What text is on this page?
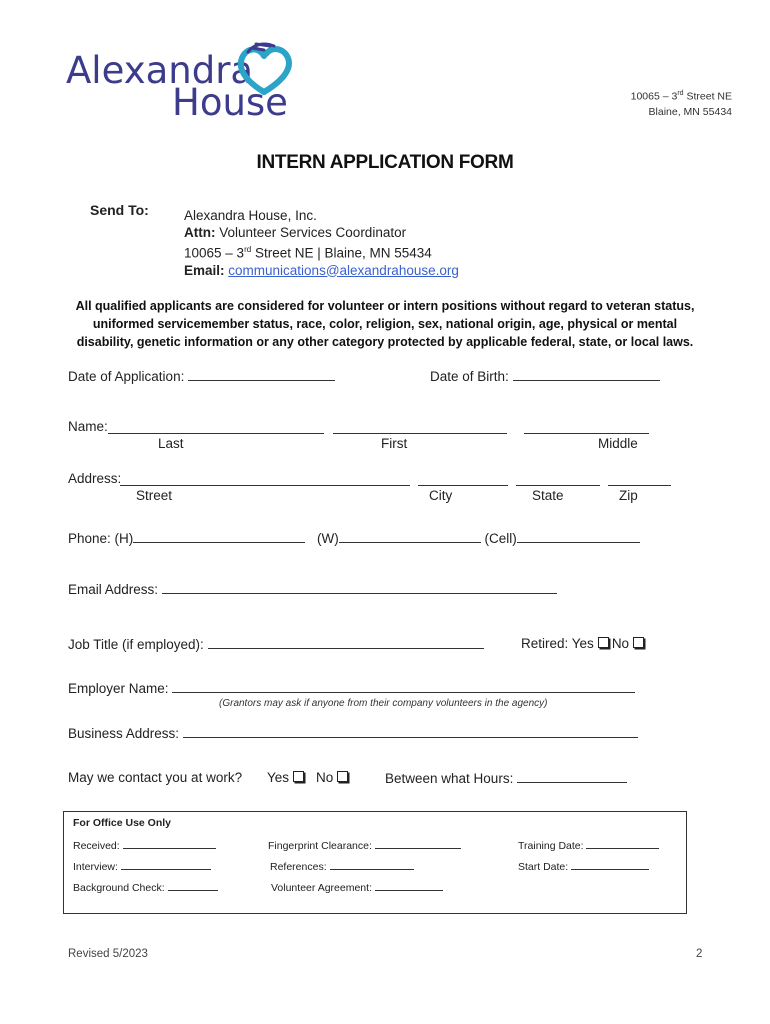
Alexandra
House	10065 – 3rd Street NE
Blaine, MN 55434
INTERN APPLICATION FORM
Send To:	Alexandra House, Inc.
Attn: Volunteer Services Coordinator
10065 – 3rd Street NE | Blaine, MN 55434
Email: communications@alexandrahouse.org
All qualified applicants are considered for volunteer or intern positions without regard to veteran status,
uniformed servicemember status, race, color, religion, sex, national origin, age, physical or mental
disability, genetic information or any other category protected by applicable federal, state, or local laws.
Date of Application:	Date of Birth:
Name:
Last	First	Middle
Address:
Street	City	State	Zip
Phone: (H)	(W)	(Cell)
Email Address:
Job Title (if employed):	Retired: Yes No
Employer Name:
(Grantors may ask if anyone from their company volunteers in the agency)
Business Address:
May we contact you at work? Yes	No	Between what Hours:
For Office Use Only
Received:	Fingerprint Clearance:	Training Date:
Interview:	References:	Start Date:
Background Check:	Volunteer Agreement:
Revised 5/2023	2
